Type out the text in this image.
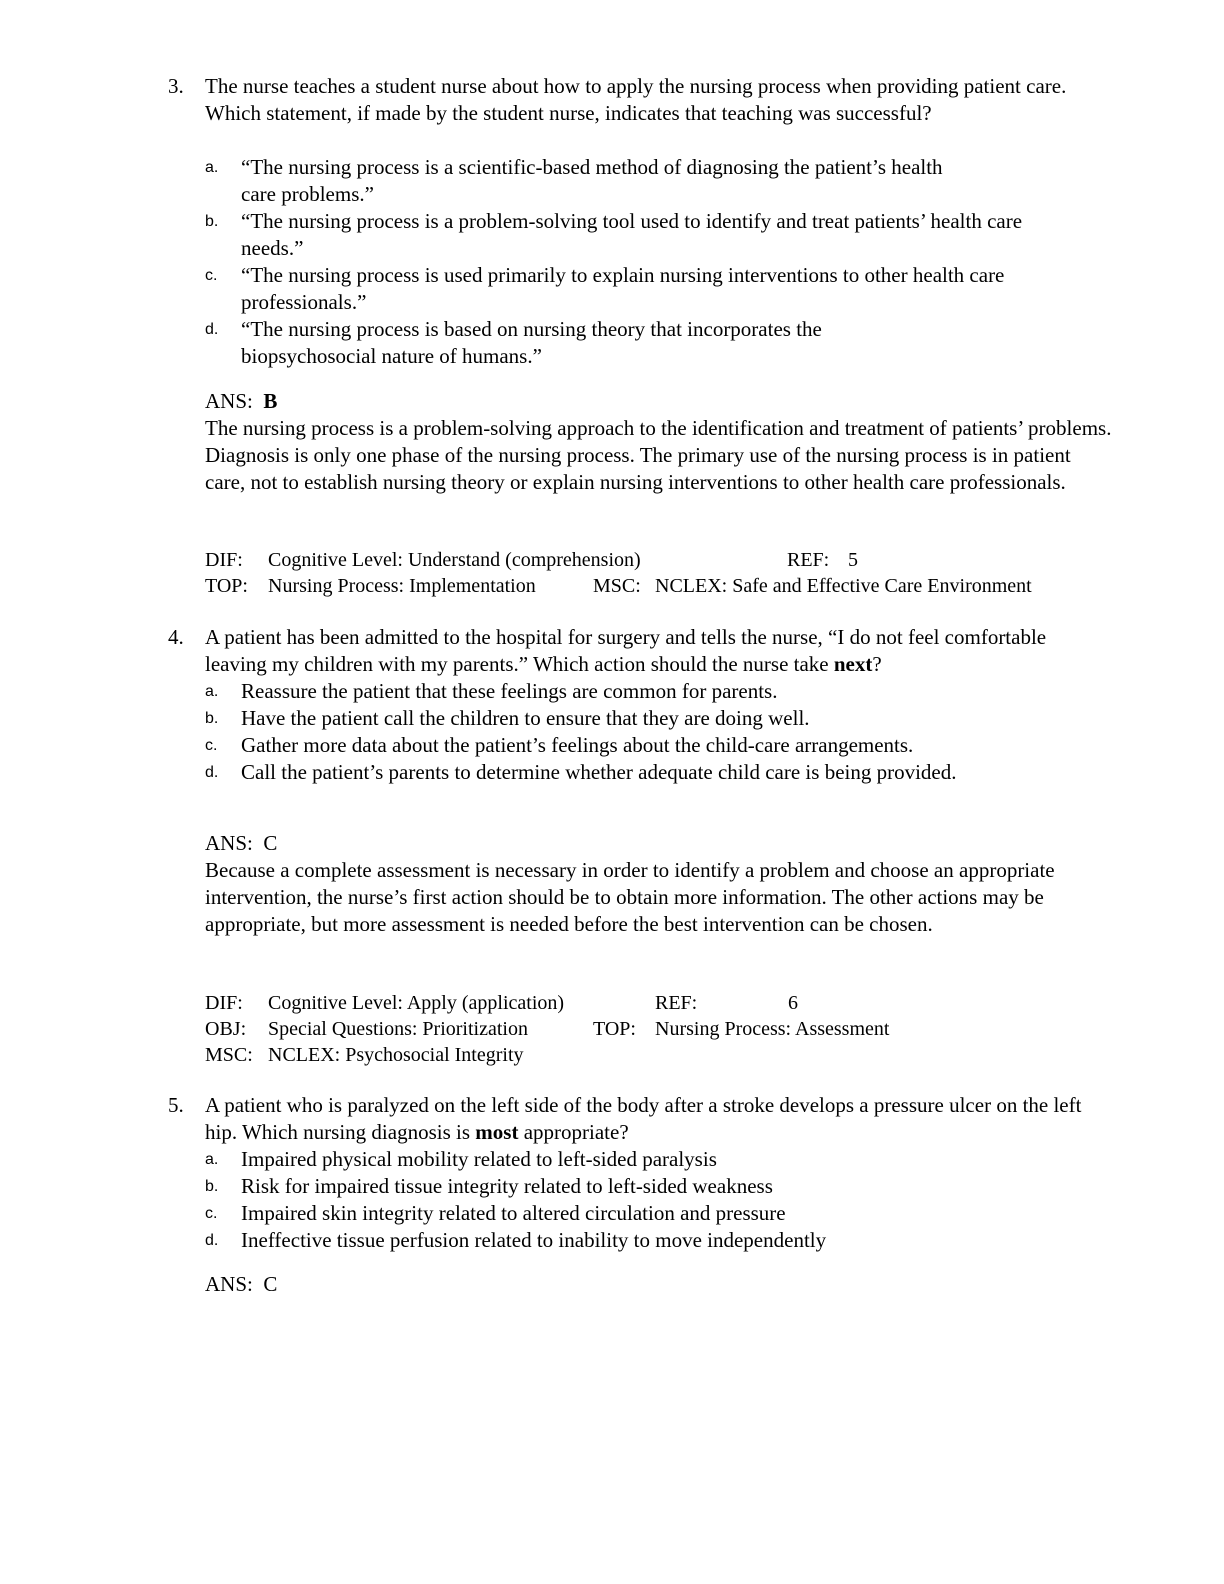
3.	The nurse teaches a student nurse about how to apply the nursing process when providing patient care. Which statement, if made by the student nurse, indicates that teaching was successful?
a. “The nursing process is a scientific-based method of diagnosing the patient’s health care problems.”
b. “The nursing process is a problem-solving tool used to identify and treat patients’ health care needs.”
c. “The nursing process is used primarily to explain nursing interventions to other health care professionals.”
d. “The nursing process is based on nursing theory that incorporates the biopsychosocial nature of humans.”
ANS: B
The nursing process is a problem-solving approach to the identification and treatment of patients’ problems. Diagnosis is only one phase of the nursing process. The primary use of the nursing process is in patient care, not to establish nursing theory or explain nursing interventions to other health care professionals.
DIF: Cognitive Level: Understand (comprehension)	REF: 5
TOP: Nursing Process: Implementation	MSC: NCLEX: Safe and Effective Care Environment
4.	A patient has been admitted to the hospital for surgery and tells the nurse, “I do not feel comfortable leaving my children with my parents.” Which action should the nurse take next?
a. Reassure the patient that these feelings are common for parents.
b. Have the patient call the children to ensure that they are doing well.
c. Gather more data about the patient’s feelings about the child-care arrangements.
d. Call the patient’s parents to determine whether adequate child care is being provided.
ANS: C
Because a complete assessment is necessary in order to identify a problem and choose an appropriate intervention, the nurse’s first action should be to obtain more information. The other actions may be appropriate, but more assessment is needed before the best intervention can be chosen.
DIF: Cognitive Level: Apply (application)	REF:	6
OBJ: Special Questions: Prioritization	TOP: Nursing Process: Assessment
MSC: NCLEX: Psychosocial Integrity
5.	A patient who is paralyzed on the left side of the body after a stroke develops a pressure ulcer on the left hip. Which nursing diagnosis is most appropriate?
a. Impaired physical mobility related to left-sided paralysis
b. Risk for impaired tissue integrity related to left-sided weakness
c. Impaired skin integrity related to altered circulation and pressure
d. Ineffective tissue perfusion related to inability to move independently
ANS: C
